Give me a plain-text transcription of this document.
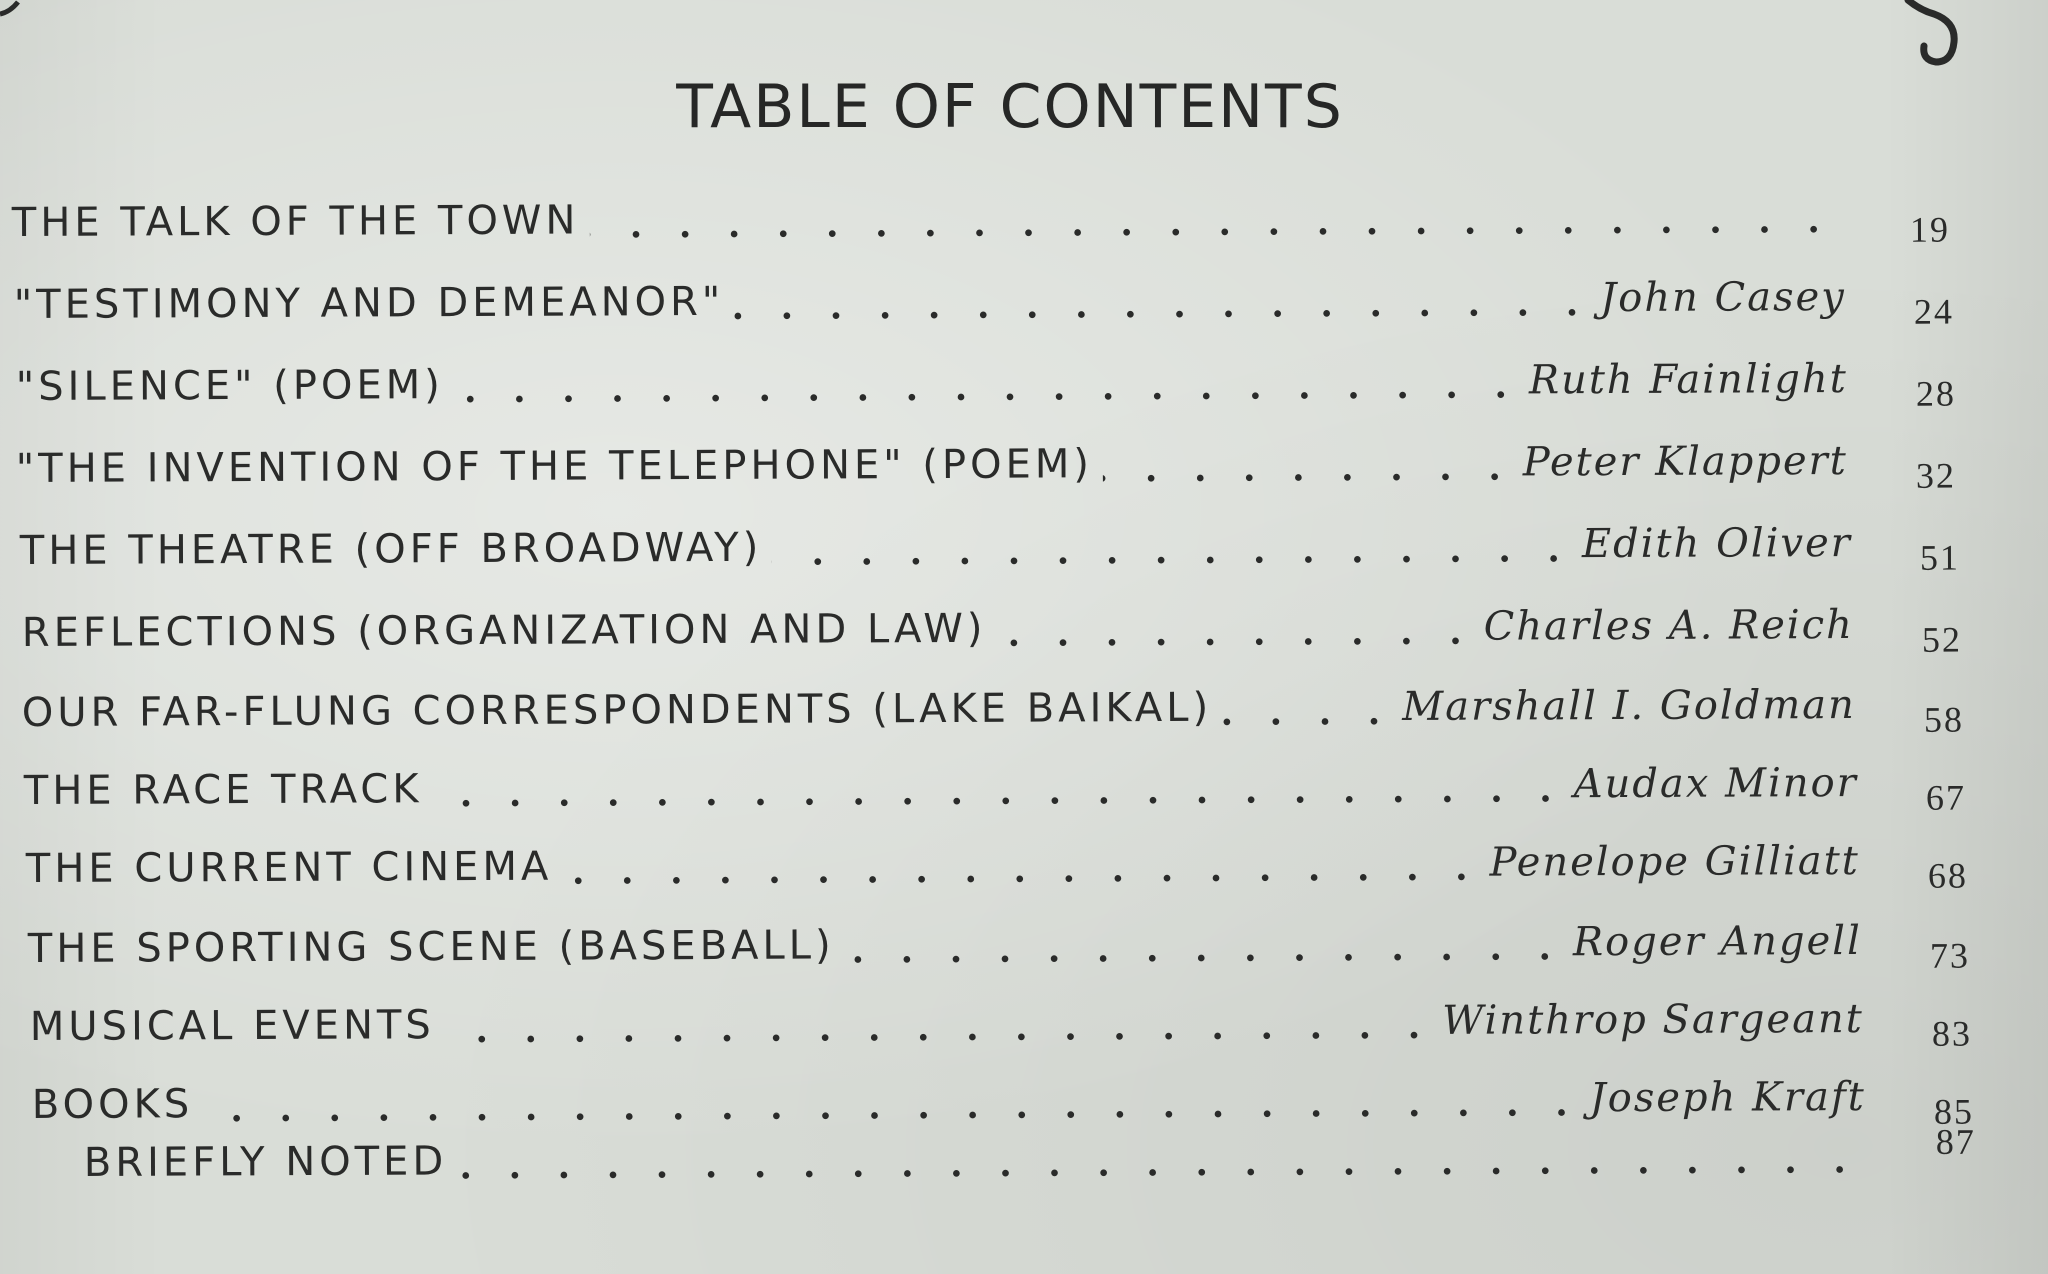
TABLE OF CONTENTS
THE TALK OF THE TOWN . . .	19
"TESTIMONY AND DEMEANOR" . . .	John Casey	24
"SILENCE" (POEM) . . .	Ruth Fainlight	28
"THE INVENTION OF THE TELEPHONE" (POEM) . . .	Peter Klappert	32
THE THEATRE (OFF BROADWAY) . . .	Edith Oliver	51
REFLECTIONS (ORGANIZATION AND LAW) . . .	Charles A. Reich	52
OUR FAR-FLUNG CORRESPONDENTS (LAKE BAIKAL) . . .	Marshall I. Goldman	58
THE RACE TRACK . . .	Audax Minor	67
THE CURRENT CINEMA . . .	Penelope Gilliatt	68
THE SPORTING SCENE (BASEBALL) . . .	Roger Angell	73
MUSICAL EVENTS . . .	Winthrop Sargeant	83
BOOKS . . .	Joseph Kraft	85
BRIEFLY NOTED . . .	87
